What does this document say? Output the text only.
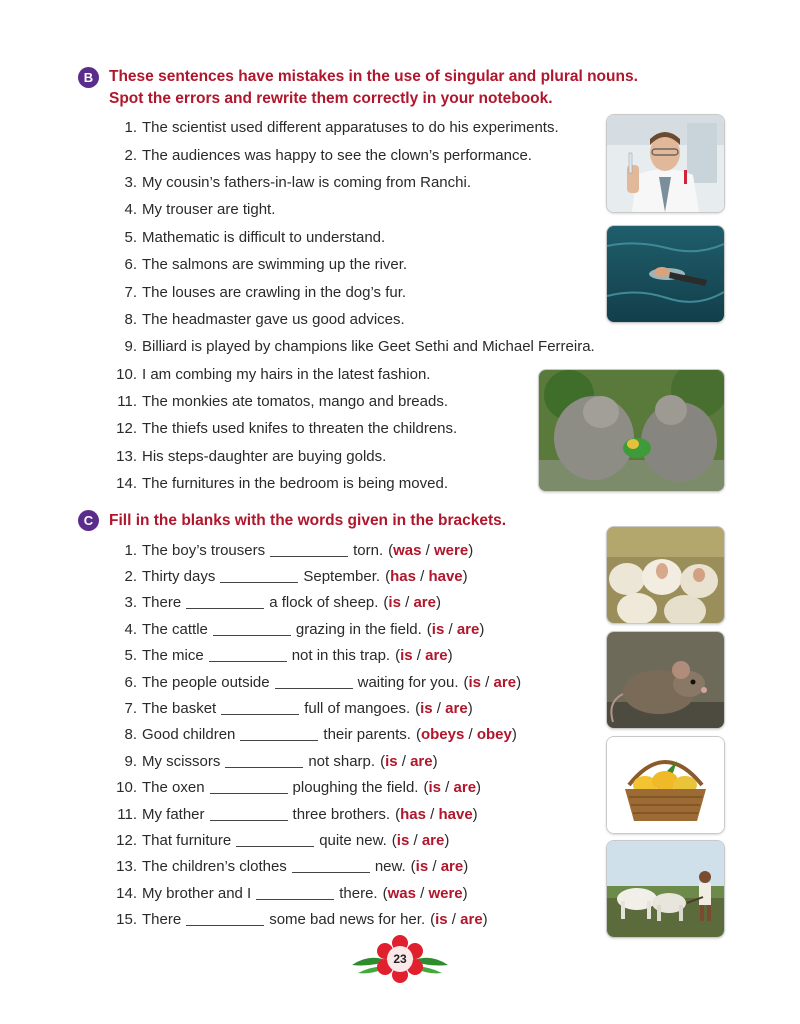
B	These sentences have mistakes in the use of singular and plural nouns.
Spot the errors and rewrite them correctly in your notebook.
1. The scientist used different apparatuses to do his experiments.
2. The audiences was happy to see the clown’s performance.
3. My cousin’s fathers-in-law is coming from Ranchi.
4. My trouser are tight.
5. Mathematic is difficult to understand.
6. The salmons are swimming up the river.
7. The louses are crawling in the dog’s fur.
8. The headmaster gave us good advices.
9. Billiard is played by champions like Geet Sethi and Michael Ferreira.
10. I am combing my hairs in the latest fashion.
11. The monkies ate tomatos, mango and breads.
12. The thiefs used knifes to threaten the childrens.
13. His steps-daughter are buying golds.
14. The furnitures in the bedroom is being moved.
C	Fill in the blanks with the words given in the brackets.
1. The boy’s trousers	torn. (was / were)
2. Thirty days	September. (has / have)
3. There	a flock of sheep. (is / are)
4. The cattle	grazing in the field. (is / are)
5. The mice	not in this trap. (is / are)
6. The people outside	waiting for you. (is / are)
7. The basket	full of mangoes. (is / are)
8. Good children	their parents. (obeys / obey)
9. My scissors	not sharp. (is / are)
10. The oxen	ploughing the field. (is / are)
11. My father	three brothers. (has / have)
12. That furniture	quite new. (is / are)
13. The children’s clothes	new. (is / are)
14. My brother and I	there. (was / were)
15. There	some bad news for her. (is / are)
23
